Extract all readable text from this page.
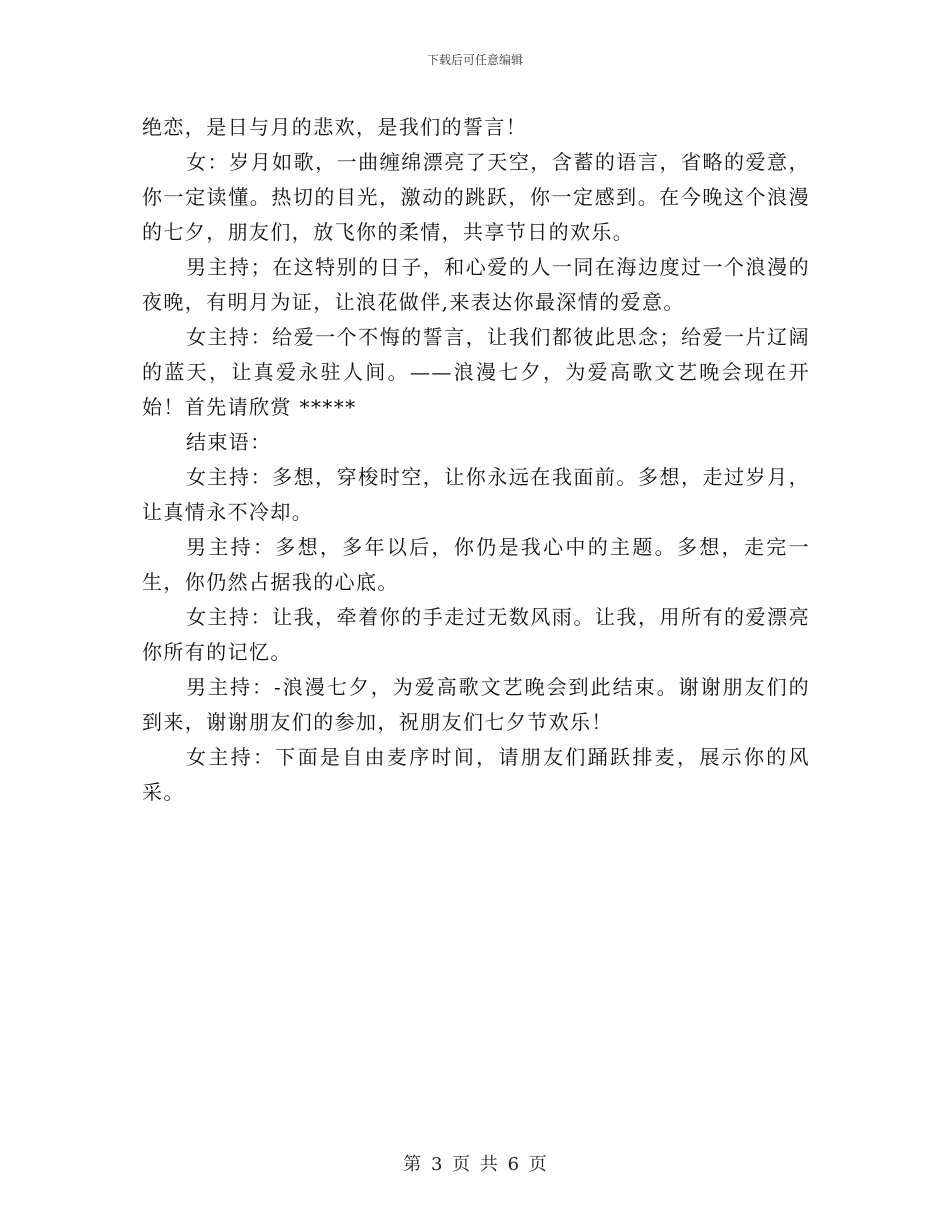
下载后可任意编辑

绝恋，是日与月的悲欢，是我们的誓言！

女：岁月如歌，一曲缠绵漂亮了天空，含蓄的语言，省略的爱意，你一定读懂。热切的目光，激动的跳跃，你一定感到。在今晚这个浪漫的七夕，朋友们，放飞你的柔情，共享节日的欢乐。

男主持；在这特别的日子，和心爱的人一同在海边度过一个浪漫的夜晚，有明月为证，让浪花做伴,来表达你最深情的爱意。

女主持：给爱一个不悔的誓言，让我们都彼此思念；给爱一片辽阔的蓝天，让真爱永驻人间。——浪漫七夕，为爱高歌文艺晚会现在开始！首先请欣赏 *****

结束语：

女主持：多想，穿梭时空，让你永远在我面前。多想，走过岁月，让真情永不冷却。

男主持：多想，多年以后，你仍是我心中的主题。多想，走完一生，你仍然占据我的心底。

女主持：让我，牵着你的手走过无数风雨。让我，用所有的爱漂亮你所有的记忆。

男主持：-浪漫七夕，为爱高歌文艺晚会到此结束。谢谢朋友们的到来，谢谢朋友们的参加，祝朋友们七夕节欢乐！

女主持：下面是自由麦序时间，请朋友们踊跃排麦，展示你的风采。

第 3 页 共 6 页
